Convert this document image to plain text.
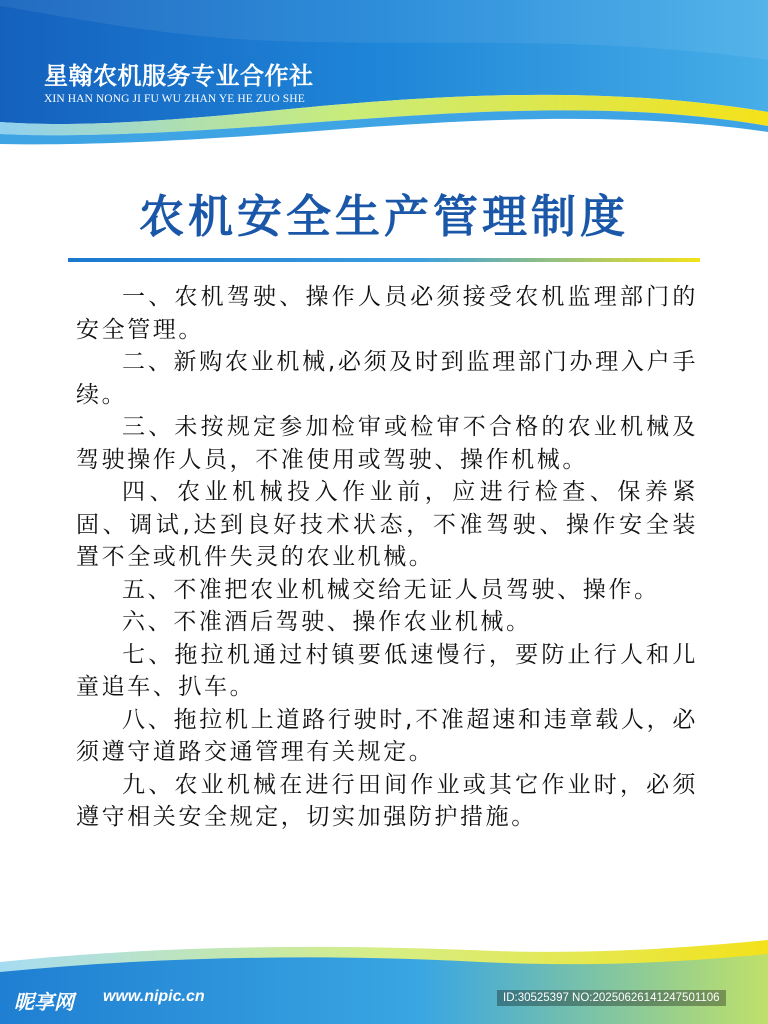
星翰农机服务专业合作社
XIN HAN NONG JI FU WU ZHAN YE HE ZUO SHE
农机安全生产管理制度
一、农机驾驶、操作人员必须接受农机监理部门的安全管理。
二、新购农业机械,必须及时到监理部门办理入户手续。
三、未按规定参加检审或检审不合格的农业机械及驾驶操作人员，不准使用或驾驶、操作机械。
四、农业机械投入作业前，应进行检查、保养紧固、调试,达到良好技术状态，不准驾驶、操作安全装置不全或机件失灵的农业机械。
五、不准把农业机械交给无证人员驾驶、操作。
六、不准酒后驾驶、操作农业机械。
七、拖拉机通过村镇要低速慢行，要防止行人和儿童追车、扒车。
八、拖拉机上道路行驶时,不准超速和违章载人，必须遵守道路交通管理有关规定。
九、农业机械在进行田间作业或其它作业时，必须遵守相关安全规定，切实加强防护措施。
昵享网 www.nipic.cn	ID:30525397 NO:20250626141247501106
